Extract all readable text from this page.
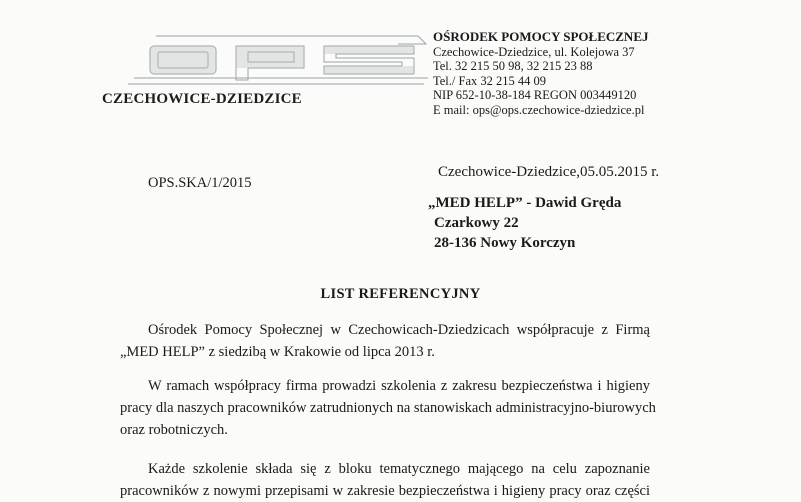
CZECHOWICE-DZIEDZICE
OŚRODEK POMOCY SPOŁECZNEJ
Czechowice-Dziedzice, ul. Kolejowa 37
Tel. 32 215 50 98, 32 215 23 88
Tel./ Fax 32 215 44 09
NIP 652-10-38-184 REGON 003449120
E mail: ops@ops.czechowice-dziedzice.pl
Czechowice-Dziedzice,05.05.2015 r.
OPS.SKA/1/2015
„MED HELP” - Dawid Gręda
Czarkowy 22
28-136 Nowy Korczyn
LIST REFERENCYJNY
Ośrodek Pomocy Społecznej w Czechowicach-Dziedzicach współpracuje z Firmą
„MED HELP” z siedzibą w Krakowie od lipca 2013 r.
W ramach współpracy firma prowadzi szkolenia z zakresu bezpieczeństwa i higieny
pracy dla naszych pracowników zatrudnionych na stanowiskach administracyjno-biurowych
oraz robotniczych.
Każde szkolenie składa się z bloku tematycznego mającego na celu zapoznanie
pracowników z nowymi przepisami w zakresie bezpieczeństwa i higieny pracy oraz części
